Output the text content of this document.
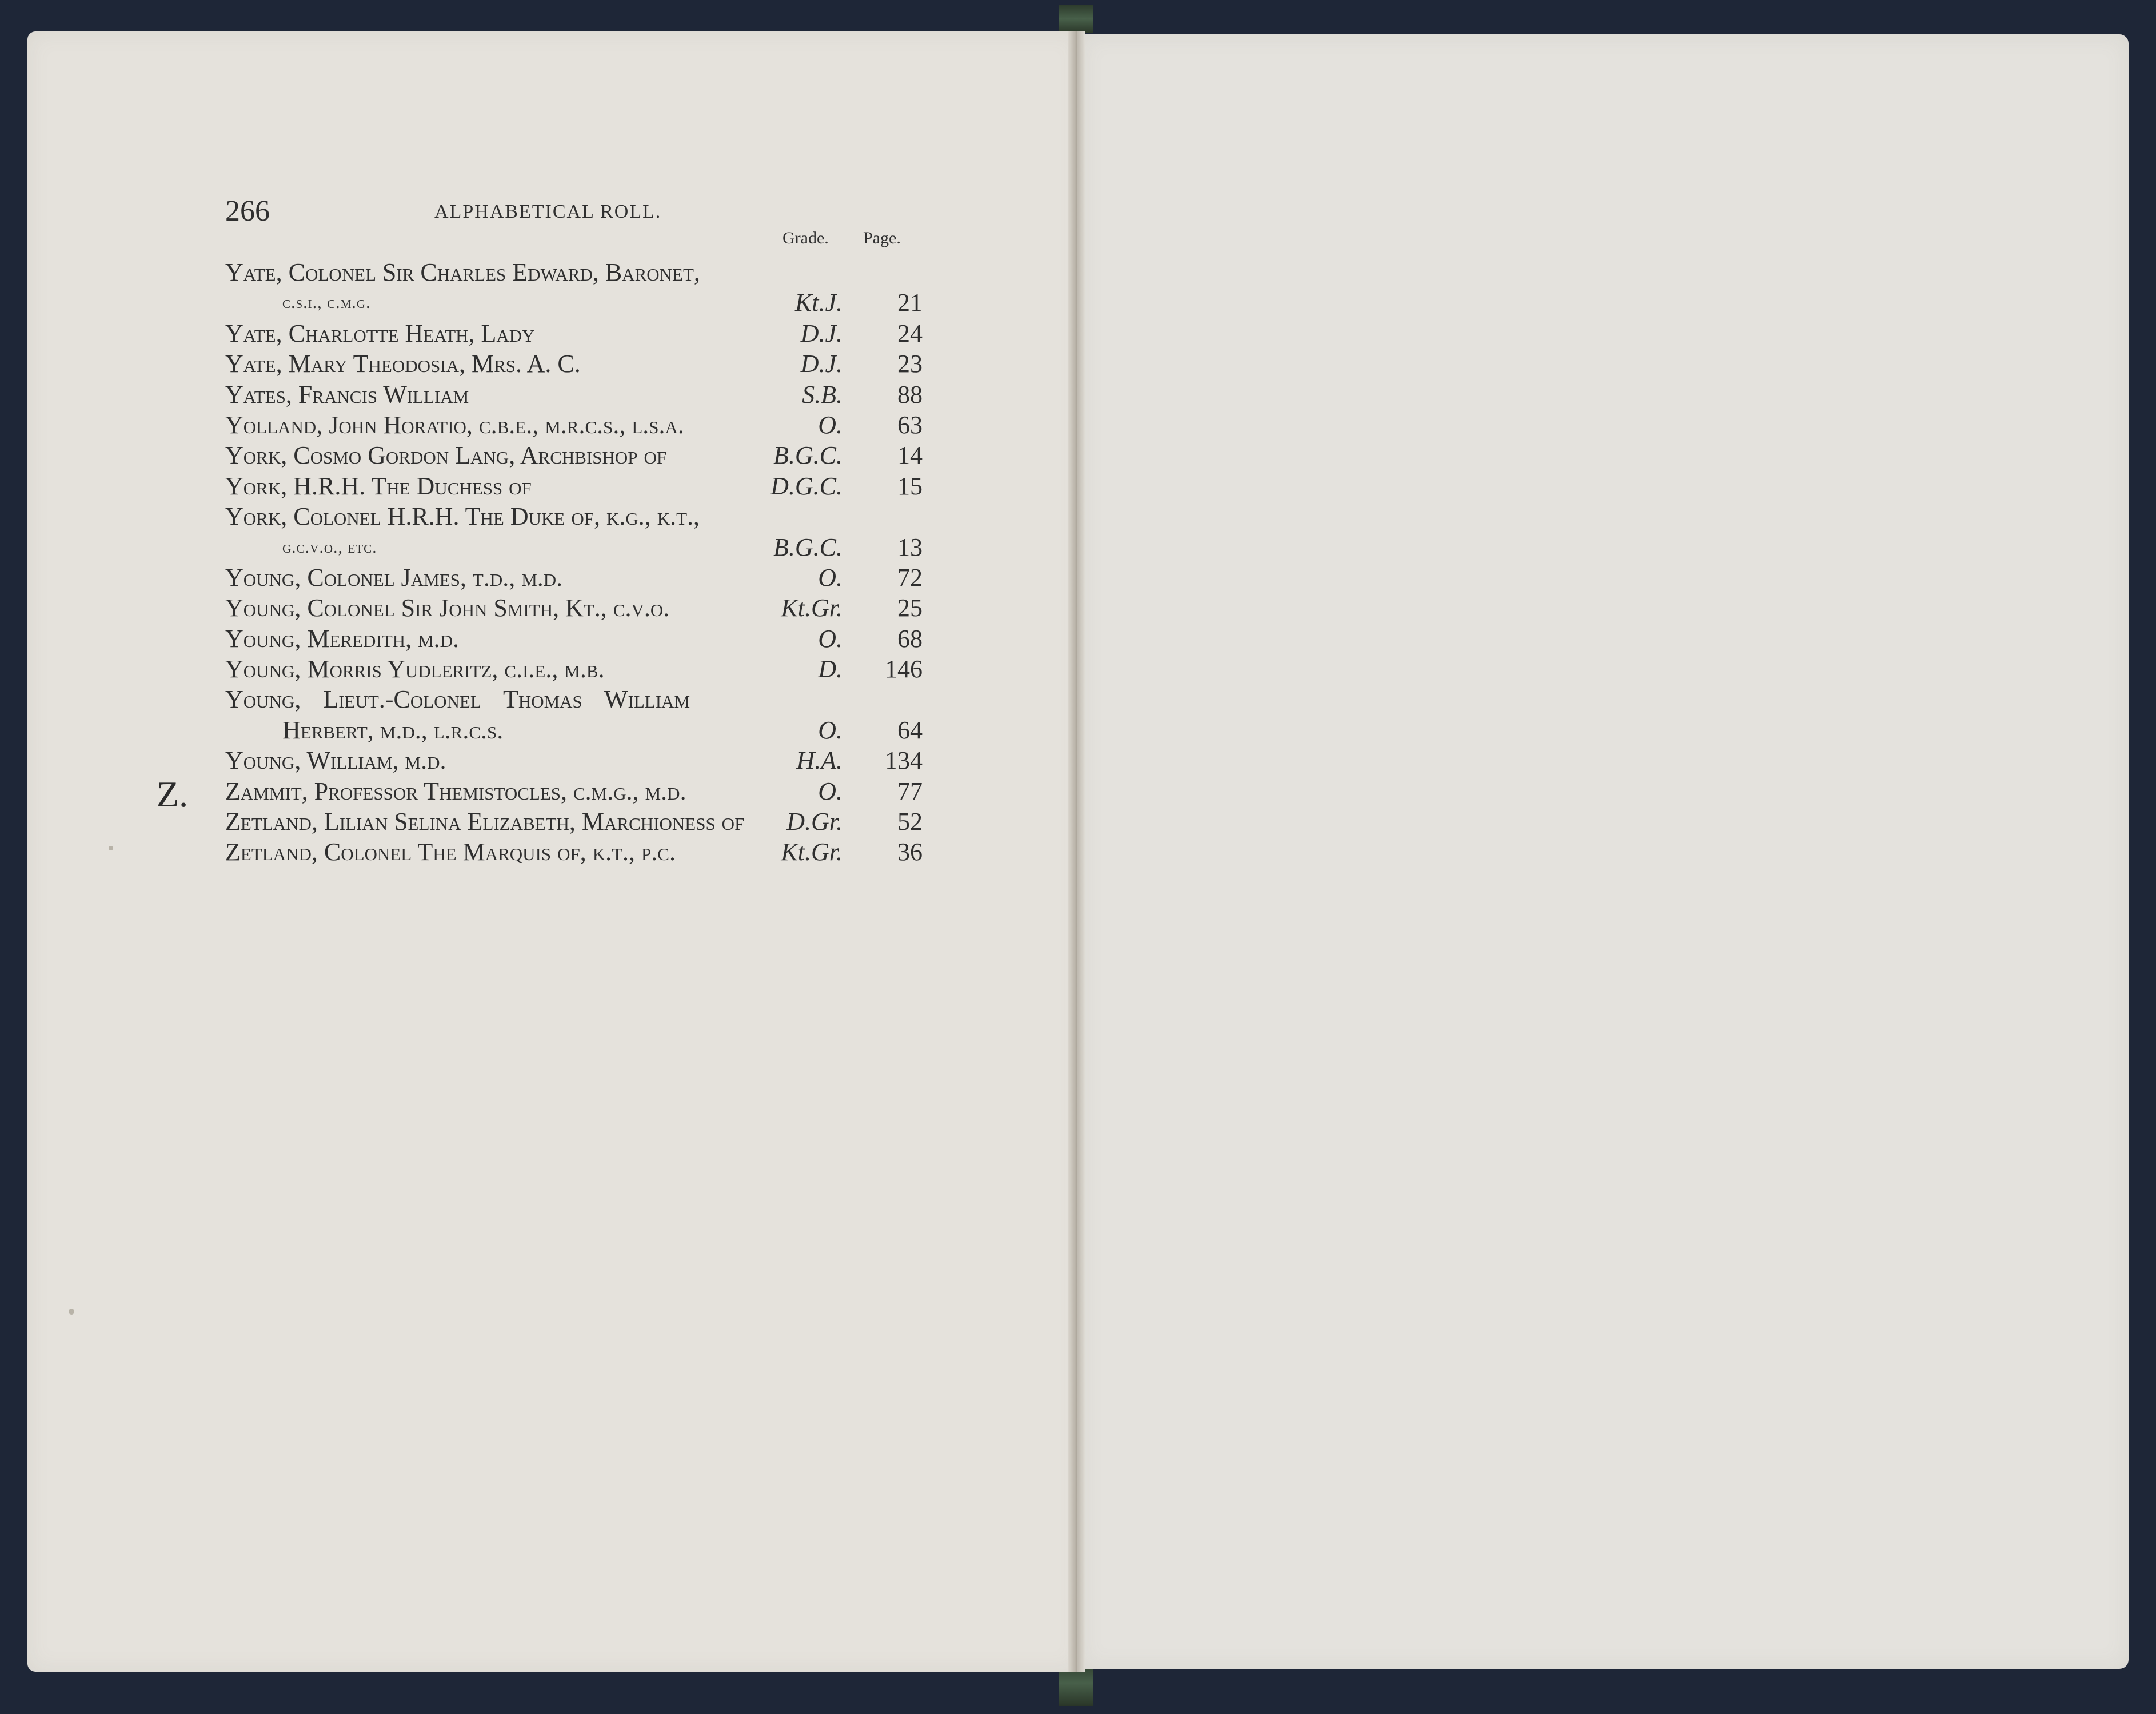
Z.
266	ALPHABETICAL ROLL.
Grade. Page.
Yate, Colonel Sir Charles Edward, Baronet,
c.s.i., c.m.g.	Kt.J.	21
Yate, Charlotte Heath, Lady	D.J.	24
Yate, Mary Theodosia, Mrs. A. C.	D.J.	23
Yates, Francis William	S.B.	88
Yolland, John Horatio, c.b.e., m.r.c.s., l.s.a.	O.	63
York, Cosmo Gordon Lang, Archbishop of	B.G.C.	14
York, H.R.H. The Duchess of	D.G.C.	15
York, Colonel H.R.H. The Duke of, k.g., k.t.,
g.c.v.o., etc.	B.G.C.	13
Young, Colonel James, t.d., m.d.	O.	72
Young, Colonel Sir John Smith, Kt., c.v.o.	Kt.Gr.	25
Young, Meredith, m.d.	O.	68
Young, Morris Yudleritz, c.i.e., m.b.	D.	146
Young, Lieut.-Colonel Thomas William
Herbert, m.d., l.r.c.s.	O.	64
Young, William, m.d.	H.A.	134
Zammit, Professor Themistocles, c.m.g., m.d.	O.	77
Zetland, Lilian Selina Elizabeth, Marchioness of D.Gr.	52
Zetland, Colonel The Marquis of, k.t., p.c.	Kt.Gr.	36
